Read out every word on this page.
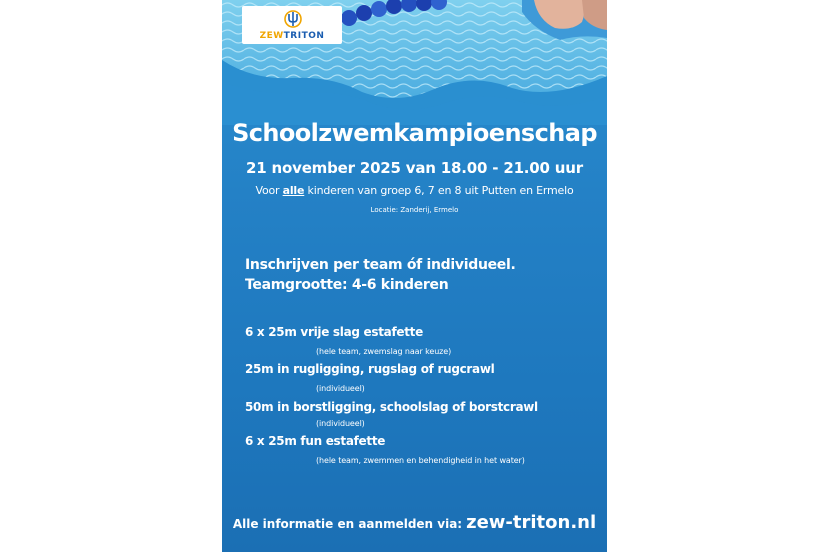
ZEWTRITON
Schoolzwemkampioenschap
21 november 2025 van 18.00 - 21.00 uur
Voor alle kinderen van groep 6, 7 en 8 uit Putten en Ermelo
Locatie: Zanderij, Ermelo
Inschrijven per team óf individueel.
Teamgrootte: 4-6 kinderen
6 x 25m vrije slag estafette
(hele team, zwemslag naar keuze)
25m in rugligging, rugslag of rugcrawl
(individueel)
50m in borstligging, schoolslag of borstcrawl
(individueel)
6 x 25m fun estafette
(hele team, zwemmen en behendigheid in het water)
Alle informatie en aanmelden via: zew-triton.nl
